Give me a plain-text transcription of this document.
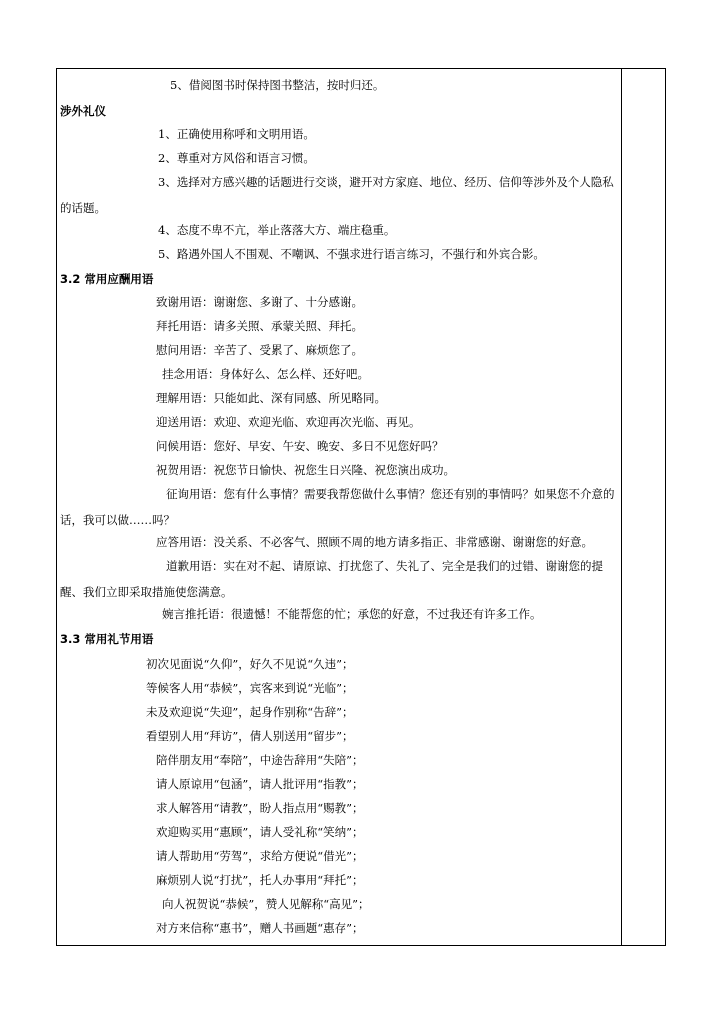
5、借阅图书时保持图书整洁，按时归还。
涉外礼仪
1、正确使用称呼和文明用语。
2、尊重对方风俗和语言习惯。
3、选择对方感兴趣的话题进行交谈，避开对方家庭、地位、经历、信仰等涉外及个人隐私的话题。
4、态度不卑不亢，举止落落大方、端庄稳重。
5、路遇外国人不围观、不嘲讽、不强求进行语言练习，不强行和外宾合影。
3.2 常用应酬用语
致谢用语：谢谢您、多谢了、十分感谢。
拜托用语：请多关照、承蒙关照、拜托。
慰问用语：辛苦了、受累了、麻烦您了。
挂念用语：身体好么、怎么样、还好吧。
理解用语：只能如此、深有同感、所见略同。
迎送用语：欢迎、欢迎光临、欢迎再次光临、再见。
问候用语：您好、早安、午安、晚安、多日不见您好吗？
祝贺用语：祝您节日愉快、祝您生日兴隆、祝您演出成功。
征询用语：您有什么事情？需要我帮您做什么事情？您还有别的事情吗？如果您不介意的话，我可以做……吗？
应答用语：没关系、不必客气、照顾不周的地方请多指正、非常感谢、谢谢您的好意。
道歉用语：实在对不起、请原谅、打扰您了、失礼了、完全是我们的过错、谢谢您的提醒、我们立即采取措施使您满意。
婉言推托语：很遗憾！不能帮您的忙；承您的好意，不过我还有许多工作。
3.3 常用礼节用语
初次见面说“久仰”，好久不见说“久违”；
等候客人用“恭候”，宾客来到说“光临”；
未及欢迎说“失迎”，起身作别称“告辞”；
看望别人用“拜访”，倩人别送用“留步”；
陪伴朋友用“奉陪”，中途告辞用“失陪”；
请人原谅用“包涵”，请人批评用“指教”；
求人解答用“请教”，盼人指点用“赐教”；
欢迎购买用“惠顾”，请人受礼称“笑纳”；
请人帮助用“劳驾”，求给方便说“借光”；
麻烦别人说“打扰”，托人办事用“拜托”；
向人祝贺说“恭候”，赞人见解称“高见”；
对方来信称“惠书”，赠人书画题“惠存”；
